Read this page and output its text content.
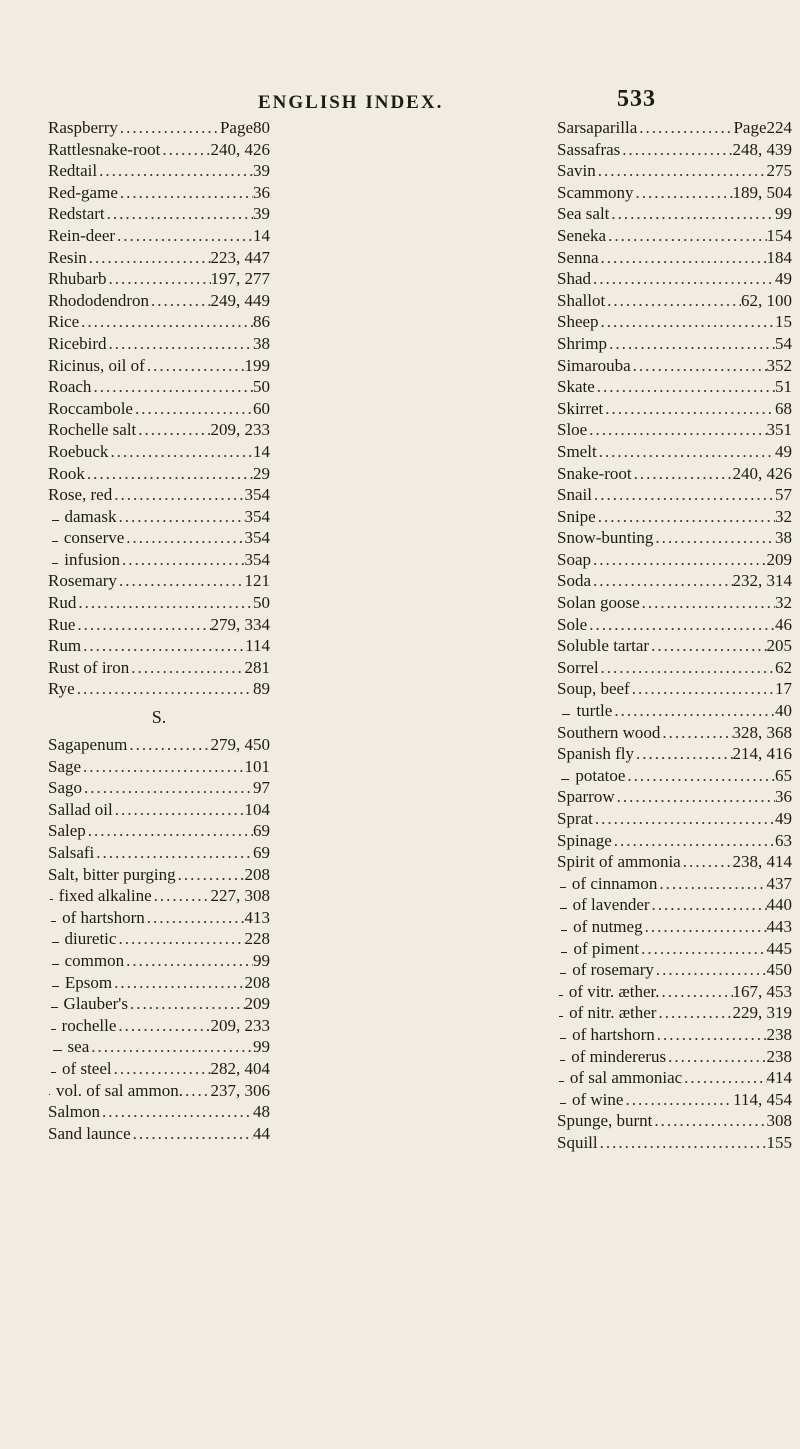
ENGLISH INDEX.	533
Raspberry .....	Page80
Rattlesnake-root .....	240, 426
Redtail .....	39
Red-game .....	36
Redstart .....	39
Rein-deer .....	14
Resin .....	223, 447
Rhubarb .....	197, 277
Rhododendron .....	249, 449
Rice .....	86
Ricebird .....	38
Ricinus, oil of .....	199
Roach .....	50
Roccambole .....	60
Rochelle salt .....	209, 233
Roebuck .....	14
Rook .....	29
Rose, red .....	354
damask .....	354
conserve .....	354
infusion .....	354
Rosemary .....	121
Rud .....	50
Rue .....	279, 334
Rum .....	114
Rust of iron .....	281
Rye .....	89
S.
Sagapenum .....	279, 450
Sage .....	101
Sago .....	97
Sallad oil .....	104
Salep .....	69
Salsafi .....	69
Salt, bitter purging .....	208
fixed alkaline .....	227, 308
of hartshorn .....	413
diuretic .....	228
common .....	99
Epsom .....	208
Glauber's .....	209
rochelle .....	209, 233
sea .....	99
of steel .....	282, 404
vol. of sal ammon. ..... 237, 306
Salmon .....	48
Sand launce .....	44
Sarsaparilla .....	Page224
Sassafras .....	248, 439
Savin .....	275
Scammony .....	189, 504
Sea salt .....	99
Seneka .....	154
Senna .....	184
Shad .....	49
Shallot .....	62, 100
Sheep .....	15
Shrimp .....	54
Simarouba .....	352
Skate .....	51
Skirret .....	68
Sloe .....	351
Smelt .....	49
Snake-root .....	240, 426
Snail .....	57
Snipe .....	32
Snow-bunting .....	38
Soap .....	209
Soda .....	232, 314
Solan goose .....	32
Sole .....	46
Soluble tartar .....	205
Sorrel .....	62
Soup, beef .....	17
turtle .....	40
Southern wood .....	328, 368
Spanish fly .....	214, 416
potatoe .....	65
Sparrow .....	36
Sprat .....	49
Spinage .....	63
Spirit of ammonia .....	238, 414
of cinnamon .....	437
of lavender .....	440
of nutmeg .....	443
of piment .....	445
of rosemary .....	450
of vitr. æther. .....	167, 453
of nitr. æther .....	229, 319
of hartshorn .....	238
of mindererus .....	238
of sal ammoniac .....	414
of wine .....	114, 454
Spunge, burnt .....	308
Squill .....	155
